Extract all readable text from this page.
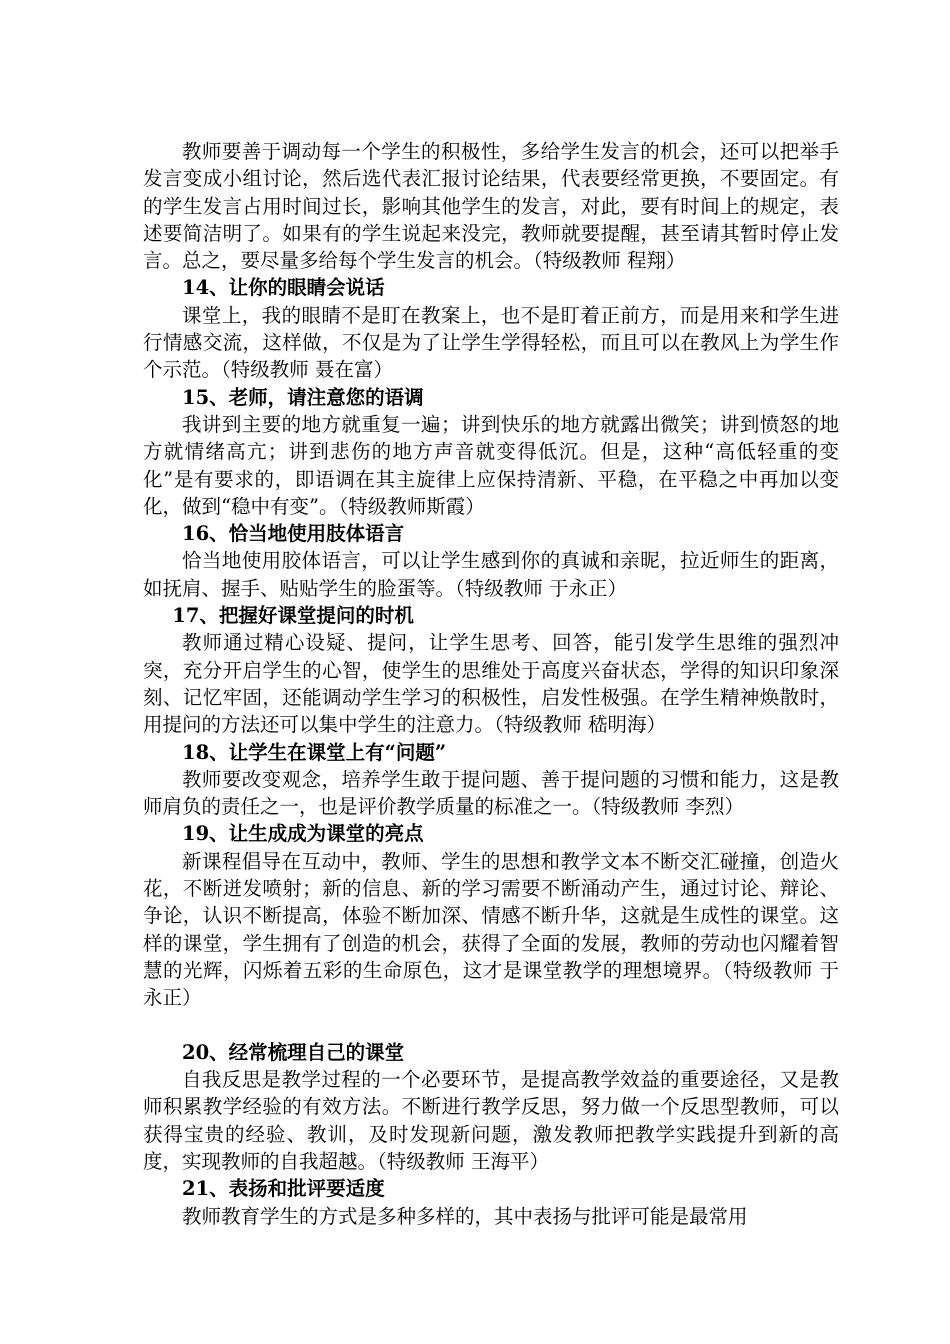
教师要善于调动每一个学生的积极性，多给学生发言的机会，还可以把举手发言变成小组讨论，然后选代表汇报讨论结果，代表要经常更换，不要固定。有的学生发言占用时间过长，影响其他学生的发言，对此，要有时间上的规定，表述要简洁明了。如果有的学生说起来没完，教师就要提醒，甚至请其暂时停止发言。总之，要尽量多给每个学生发言的机会。（特级教师 程翔）

14、让你的眼睛会说话

课堂上，我的眼睛不是盯在教案上，也不是盯着正前方，而是用来和学生进行情感交流，这样做，不仅是为了让学生学得轻松，而且可以在教风上为学生作个示范。（特级教师 聂在富）

15、老师，请注意您的语调

我讲到主要的地方就重复一遍；讲到快乐的地方就露出微笑；讲到愤怒的地方就情绪高亢；讲到悲伤的地方声音就变得低沉。但是，这种“高低轻重的变化”是有要求的，即语调在其主旋律上应保持清新、平稳，在平稳之中再加以变化，做到“稳中有变”。（特级教师斯霞）

16、恰当地使用肢体语言

恰当地使用胶体语言，可以让学生感到你的真诚和亲昵，拉近师生的距离，如抚肩、握手、贴贴学生的脸蛋等。（特级教师 于永正）

17、把握好课堂提问的时机

教师通过精心设疑、提问，让学生思考、回答，能引发学生思维的强烈冲突，充分开启学生的心智，使学生的思维处于高度兴奋状态，学得的知识印象深刻、记忆牢固，还能调动学生学习的积极性，启发性极强。在学生精神焕散时，用提问的方法还可以集中学生的注意力。（特级教师 嵇明海）

18、让学生在课堂上有“问题”

教师要改变观念，培养学生敢于提问题、善于提问题的习惯和能力，这是教师肩负的责任之一，也是评价教学质量的标准之一。（特级教师 李烈）

19、让生成成为课堂的亮点

新课程倡导在互动中，教师、学生的思想和教学文本不断交汇碰撞，创造火花，不断迸发喷射；新的信息、新的学习需要不断涌动产生，通过讨论、辩论、争论，认识不断提高，体验不断加深、情感不断升华，这就是生成性的课堂。这样的课堂，学生拥有了创造的机会，获得了全面的发展，教师的劳动也闪耀着智慧的光辉，闪烁着五彩的生命原色，这才是课堂教学的理想境界。（特级教师 于永正）

20、经常梳理自己的课堂

自我反思是教学过程的一个必要环节，是提高教学效益的重要途径，又是教师积累教学经验的有效方法。不断进行教学反思，努力做一个反思型教师，可以获得宝贵的经验、教训，及时发现新问题，激发教师把教学实践提升到新的高度，实现教师的自我超越。（特级教师 王海平）

21、表扬和批评要适度

教师教育学生的方式是多种多样的，其中表扬与批评可能是最常用
